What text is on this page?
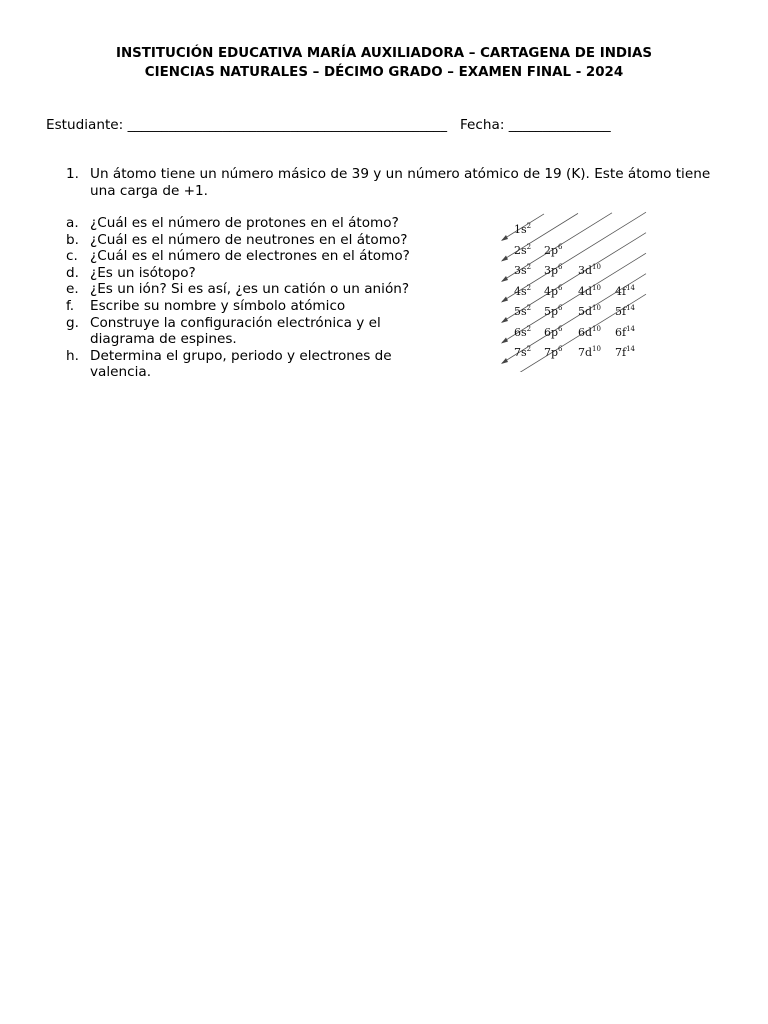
INSTITUCIÓN EDUCATIVA MARÍA AUXILIADORA – CARTAGENA DE INDIAS
CIENCIAS NATURALES – DÉCIMO GRADO – EXAMEN FINAL - 2024
Estudiante: _______________________________________________ Fecha: _______________
1. Un átomo tiene un número másico de 39 y un número atómico de 19 (K). Este átomo tiene una carga de +1.
a. ¿Cuál es el número de protones en el átomo?
b. ¿Cuál es el número de neutrones en el átomo?
c. ¿Cuál es el número de electrones en el átomo?
d. ¿Es un isótopo?
e. ¿Es un ión? Si es así, ¿es un catión o un anión?
f.	Escribe su nombre y símbolo atómico
g. Construye la configuración electrónica y el diagrama de espines.
h. Determina el grupo, periodo y electrones de valencia.
$1s^2$
$2s^2$ $2p^6$
$3s^2$ $3p^6$ $3d^{10}$
$4s^2$ $4p^6$ $4d^{10}$ $4f^{14}$
$5s^2$ $5p^6$ $5d^{10}$ $5f^{14}$
$6s^2$ $6p^6$ $6d^{10}$ $6f^{14}$
$7s^2$ $7p^6$ $7d^{10}$ $7f^{14}$
